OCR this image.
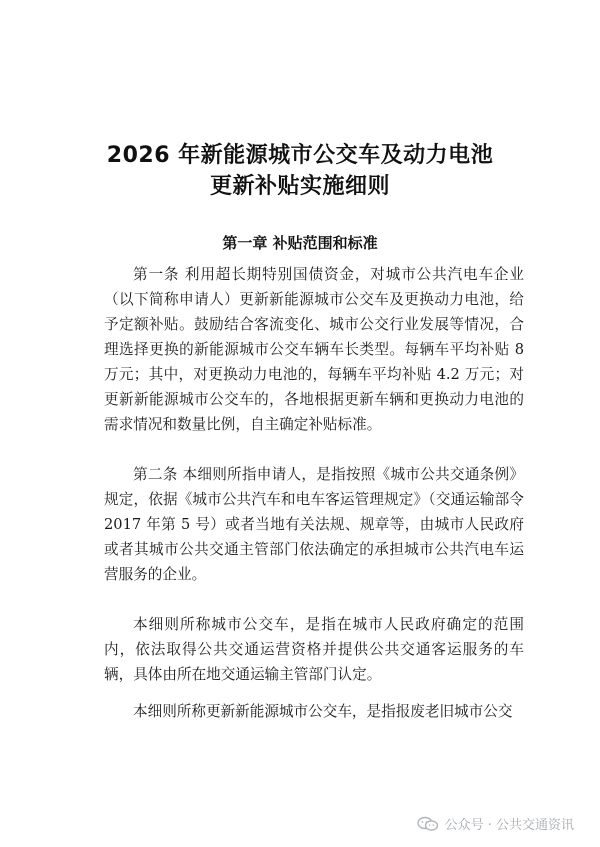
2026 年新能源城市公交车及动力电池
更新补贴实施细则
第一章 补贴范围和标准

第一条 利用超长期特别国债资金，对城市公共汽电车企业（以下简称申请人）更新新能源城市公交车及更换动力电池，给予定额补贴。鼓励结合客流变化、城市公交行业发展等情况，合理选择更换的新能源城市公交车辆车长类型。每辆车平均补贴 8 万元；其中，对更换动力电池的，每辆车平均补贴 4.2 万元；对更新新能源城市公交车的，各地根据更新车辆和更换动力电池的需求情况和数量比例，自主确定补贴标准。

第二条 本细则所指申请人，是指按照《城市公共交通条例》规定，依据《城市公共汽车和电车客运管理规定》（交通运输部令 2017 年第 5 号）或者当地有关法规、规章等，由城市人民政府或者其城市公共交通主管部门依法确定的承担城市公共汽电车运营服务的企业。

本细则所称城市公交车，是指在城市人民政府确定的范围内，依法取得公共交通运营资格并提供公共交通客运服务的车辆，具体由所在地交通运输主管部门认定。

本细则所称更新新能源城市公交车，是指报废老旧城市公交

公众号 · 公共交通资讯
